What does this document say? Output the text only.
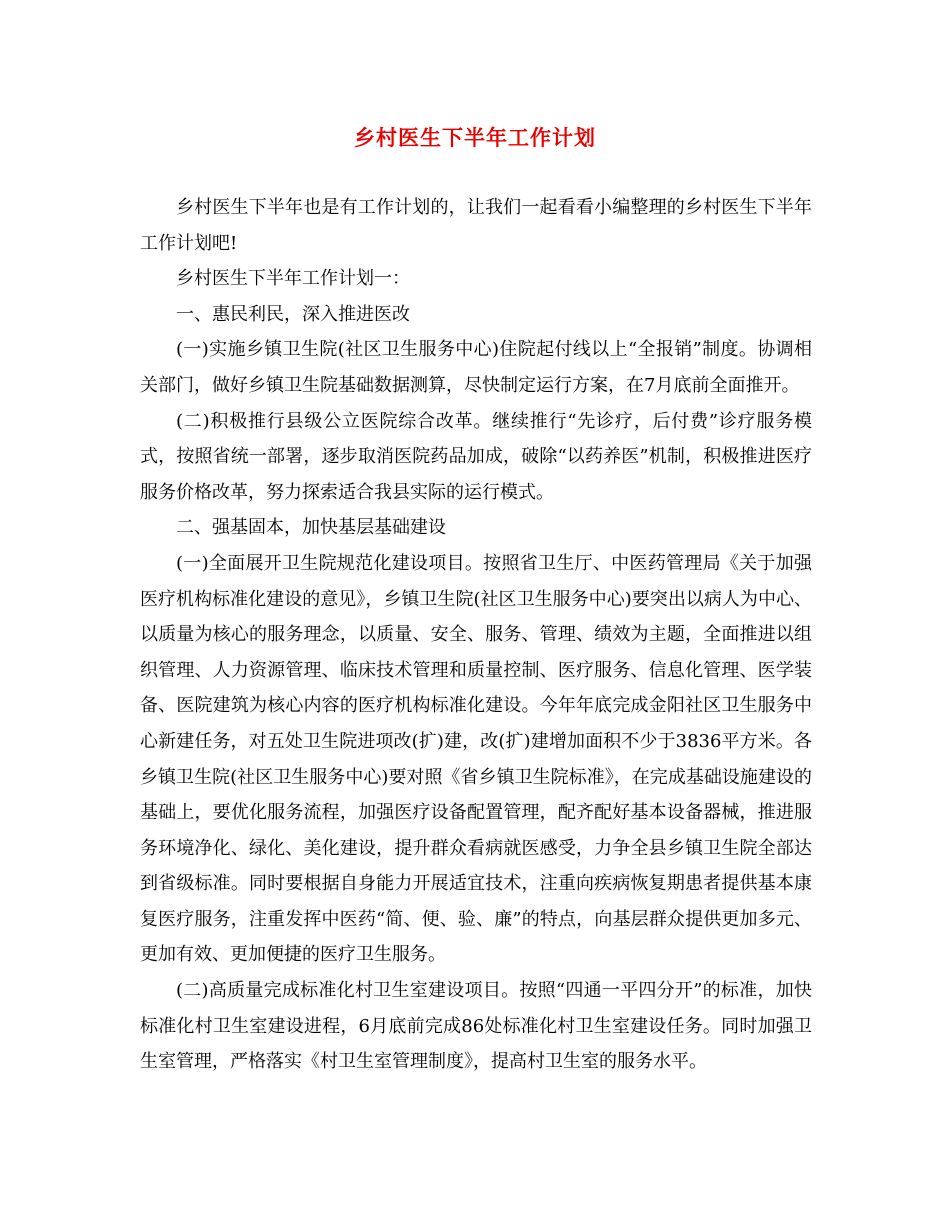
乡村医生下半年工作计划

乡村医生下半年也是有工作计划的，让我们一起看看小编整理的乡村医生下半年工作计划吧!

乡村医生下半年工作计划一：

一、惠民利民，深入推进医改

(一)实施乡镇卫生院(社区卫生服务中心)住院起付线以上“全报销”制度。协调相关部门，做好乡镇卫生院基础数据测算，尽快制定运行方案，在7月底前全面推开。

(二)积极推行县级公立医院综合改革。继续推行“先诊疗，后付费”诊疗服务模式，按照省统一部署，逐步取消医院药品加成，破除“以药养医”机制，积极推进医疗服务价格改革，努力探索适合我县实际的运行模式。

二、强基固本，加快基层基础建设

(一)全面展开卫生院规范化建设项目。按照省卫生厅、中医药管理局《关于加强医疗机构标准化建设的意见》，乡镇卫生院(社区卫生服务中心)要突出以病人为中心、以质量为核心的服务理念，以质量、安全、服务、管理、绩效为主题，全面推进以组织管理、人力资源管理、临床技术管理和质量控制、医疗服务、信息化管理、医学装备、医院建筑为核心内容的医疗机构标准化建设。今年年底完成金阳社区卫生服务中心新建任务，对五处卫生院进项改(扩)建，改(扩)建增加面积不少于3836平方米。各乡镇卫生院(社区卫生服务中心)要对照《省乡镇卫生院标准》，在完成基础设施建设的基础上，要优化服务流程，加强医疗设备配置管理，配齐配好基本设备器械，推进服务环境净化、绿化、美化建设，提升群众看病就医感受，力争全县乡镇卫生院全部达到省级标准。同时要根据自身能力开展适宜技术，注重向疾病恢复期患者提供基本康复医疗服务，注重发挥中医药“简、便、验、廉”的特点，向基层群众提供更加多元、更加有效、更加便捷的医疗卫生服务。

(二)高质量完成标准化村卫生室建设项目。按照“四通一平四分开”的标准，加快标准化村卫生室建设进程，6月底前完成86处标准化村卫生室建设任务。同时加强卫生室管理，严格落实《村卫生室管理制度》，提高村卫生室的服务水平。
